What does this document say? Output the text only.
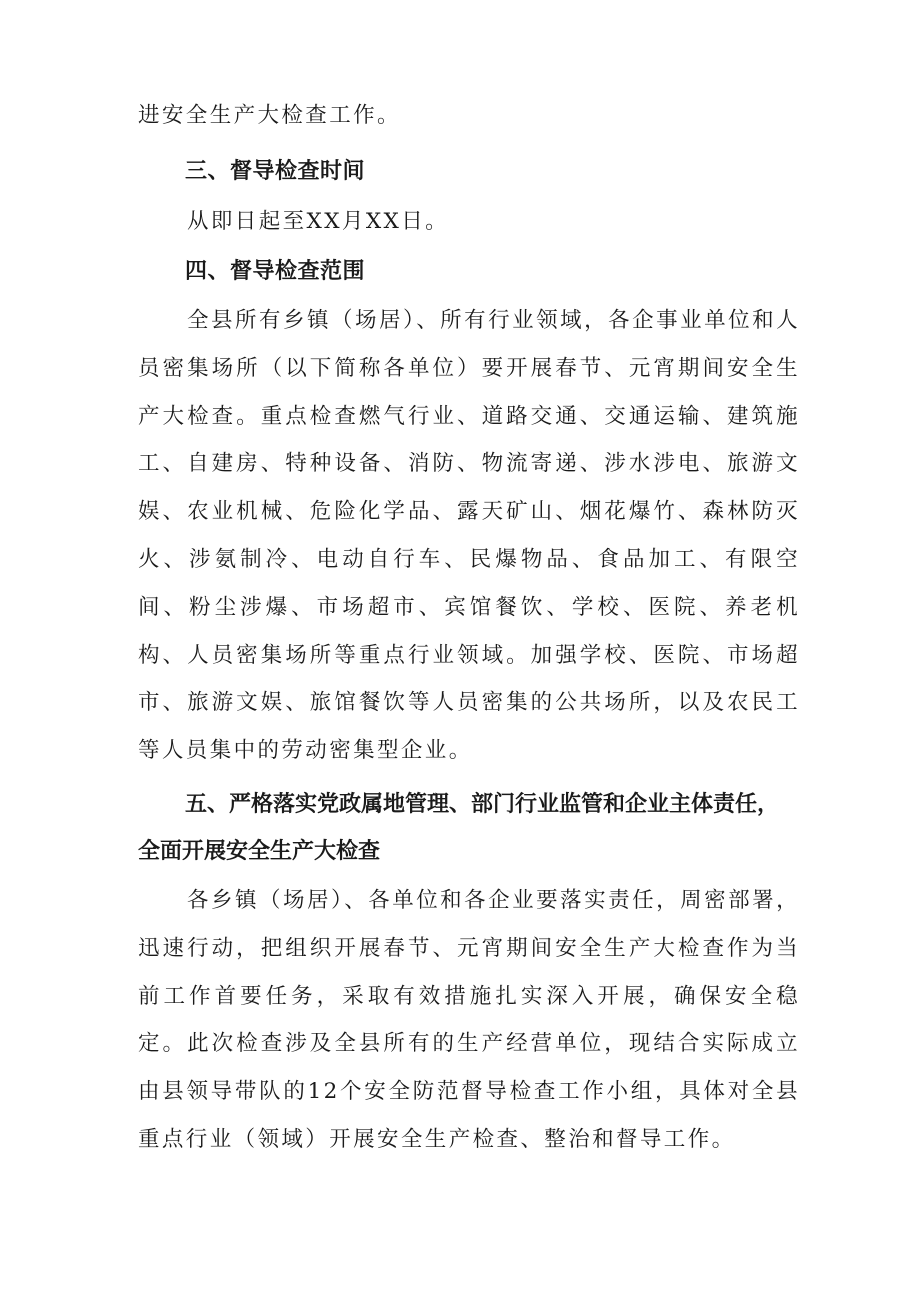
进安全生产大检查工作。

三、督导检查时间

从即日起至XX月XX日。

四、督导检查范围

全县所有乡镇（场居）、所有行业领域，各企事业单位和人员密集场所（以下简称各单位）要开展春节、元宵期间安全生产大检查。重点检查燃气行业、道路交通、交通运输、建筑施工、自建房、特种设备、消防、物流寄递、涉水涉电、旅游文娱、农业机械、危险化学品、露天矿山、烟花爆竹、森林防灭火、涉氨制冷、电动自行车、民爆物品、食品加工、有限空间、粉尘涉爆、市场超市、宾馆餐饮、学校、医院、养老机构、人员密集场所等重点行业领域。加强学校、医院、市场超市、旅游文娱、旅馆餐饮等人员密集的公共场所，以及农民工等人员集中的劳动密集型企业。

五、严格落实党政属地管理、部门行业监管和企业主体责任，全面开展安全生产大检查

各乡镇（场居）、各单位和各企业要落实责任，周密部署，迅速行动，把组织开展春节、元宵期间安全生产大检查作为当前工作首要任务，采取有效措施扎实深入开展，确保安全稳定。此次检查涉及全县所有的生产经营单位，现结合实际成立由县领导带队的12个安全防范督导检查工作小组，具体对全县重点行业（领域）开展安全生产检查、整治和督导工作。
